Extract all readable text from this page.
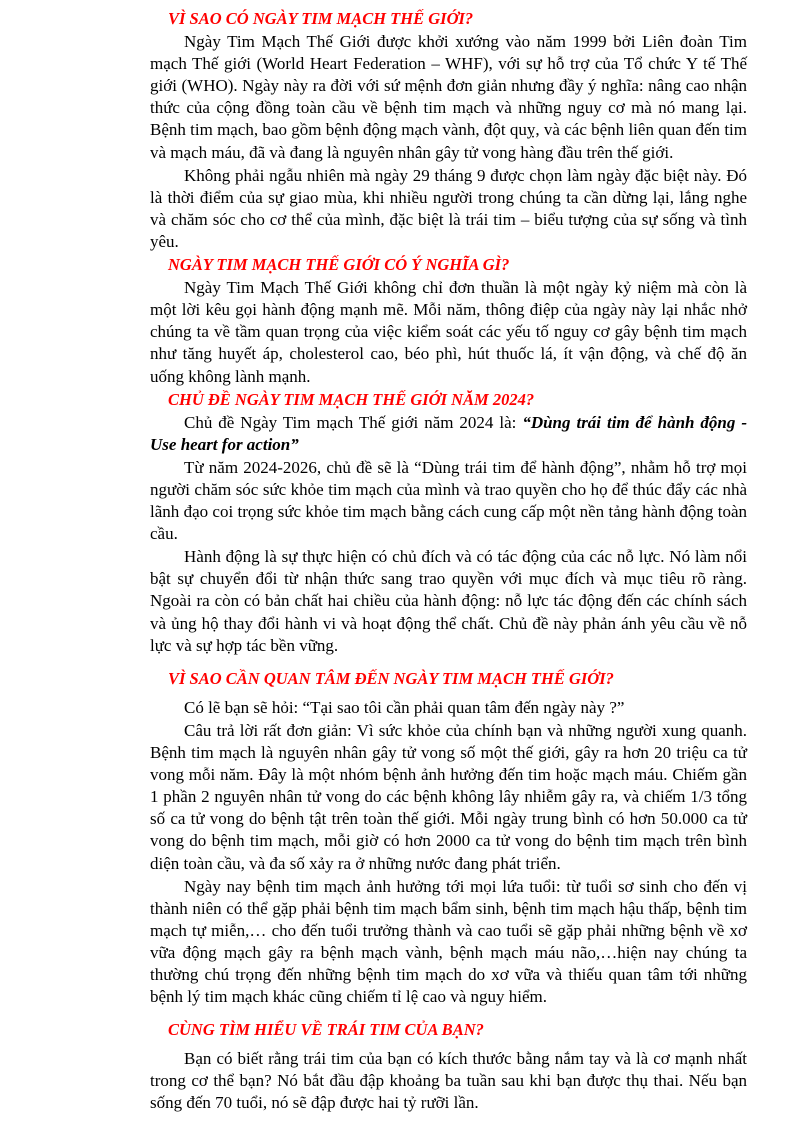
VÌ SAO CÓ NGÀY TIM MẠCH THẾ GIỚI?

Ngày Tim Mạch Thế Giới được khởi xướng vào năm 1999 bởi Liên đoàn Tim mạch Thế giới (World Heart Federation – WHF), với sự hỗ trợ của Tổ chức Y tế Thế giới (WHO). Ngày này ra đời với sứ mệnh đơn giản nhưng đầy ý nghĩa: nâng cao nhận thức của cộng đồng toàn cầu về bệnh tim mạch và những nguy cơ mà nó mang lại. Bệnh tim mạch, bao gồm bệnh động mạch vành, đột quỵ, và các bệnh liên quan đến tim và mạch máu, đã và đang là nguyên nhân gây tử vong hàng đầu trên thế giới.

Không phải ngẫu nhiên mà ngày 29 tháng 9 được chọn làm ngày đặc biệt này. Đó là thời điểm của sự giao mùa, khi nhiều người trong chúng ta cần dừng lại, lắng nghe và chăm sóc cho cơ thể của mình, đặc biệt là trái tim – biểu tượng của sự sống và tình yêu.

NGÀY TIM MẠCH THẾ GIỚI CÓ Ý NGHĨA GÌ?

Ngày Tim Mạch Thế Giới không chỉ đơn thuần là một ngày kỷ niệm mà còn là một lời kêu gọi hành động mạnh mẽ. Mỗi năm, thông điệp của ngày này lại nhắc nhở chúng ta về tầm quan trọng của việc kiểm soát các yếu tố nguy cơ gây bệnh tim mạch như tăng huyết áp, cholesterol cao, béo phì, hút thuốc lá, ít vận động, và chế độ ăn uống không lành mạnh.

CHỦ ĐỀ NGÀY TIM MẠCH THẾ GIỚI NĂM 2024?

Chủ đề Ngày Tim mạch Thế giới năm 2024 là: “Dùng trái tim để hành động - Use heart for action”

Từ năm 2024-2026, chủ đề sẽ là “Dùng trái tim để hành động”, nhằm hỗ trợ mọi người chăm sóc sức khỏe tim mạch của mình và trao quyền cho họ để thúc đẩy các nhà lãnh đạo coi trọng sức khỏe tim mạch bằng cách cung cấp một nền tảng hành động toàn cầu.

Hành động là sự thực hiện có chủ đích và có tác động của các nỗ lực. Nó làm nổi bật sự chuyển đổi từ nhận thức sang trao quyền với mục đích và mục tiêu rõ ràng. Ngoài ra còn có bản chất hai chiều của hành động: nỗ lực tác động đến các chính sách và ủng hộ thay đổi hành vi và hoạt động thể chất. Chủ đề này phản ánh yêu cầu về nỗ lực và sự hợp tác bền vững.

VÌ SAO CẦN QUAN TÂM ĐẾN NGÀY TIM MẠCH THẾ GIỚI?

Có lẽ bạn sẽ hỏi: “Tại sao tôi cần phải quan tâm đến ngày này ?”

Câu trả lời rất đơn giản: Vì sức khỏe của chính bạn và những người xung quanh. Bệnh tim mạch là nguyên nhân gây tử vong số một thế giới, gây ra hơn 20 triệu ca tử vong mỗi năm. Đây là một nhóm bệnh ảnh hưởng đến tim hoặc mạch máu. Chiếm gần 1 phần 2 nguyên nhân tử vong do các bệnh không lây nhiễm gây ra, và chiếm 1/3 tổng số ca tử vong do bệnh tật trên toàn thế giới. Mỗi ngày trung bình có hơn 50.000 ca tử vong do bệnh tim mạch, mỗi giờ có hơn 2000 ca tử vong do bệnh tim mạch trên bình diện toàn cầu, và đa số xảy ra ở những nước đang phát triển.

Ngày nay bệnh tim mạch ảnh hưởng tới mọi lứa tuổi: từ tuổi sơ sinh cho đến vị thành niên có thể gặp phải bệnh tim mạch bẩm sinh, bệnh tim mạch hậu thấp, bệnh tim mạch tự miễn,… cho đến tuổi trưởng thành và cao tuổi sẽ gặp phải những bệnh về xơ vữa động mạch gây ra bệnh mạch vành, bệnh mạch máu não,…hiện nay chúng ta thường chú trọng đến những bệnh tim mạch do xơ vữa và thiếu quan tâm tới những bệnh lý tim mạch khác cũng chiếm tỉ lệ cao và nguy hiểm.

CÙNG TÌM HIỂU VỀ TRÁI TIM CỦA BẠN?

Bạn có biết rằng trái tim của bạn có kích thước bằng nắm tay và là cơ mạnh nhất trong cơ thể bạn? Nó bắt đầu đập khoảng ba tuần sau khi bạn được thụ thai. Nếu bạn sống đến 70 tuổi, nó sẽ đập được hai tỷ rưỡi lần.
